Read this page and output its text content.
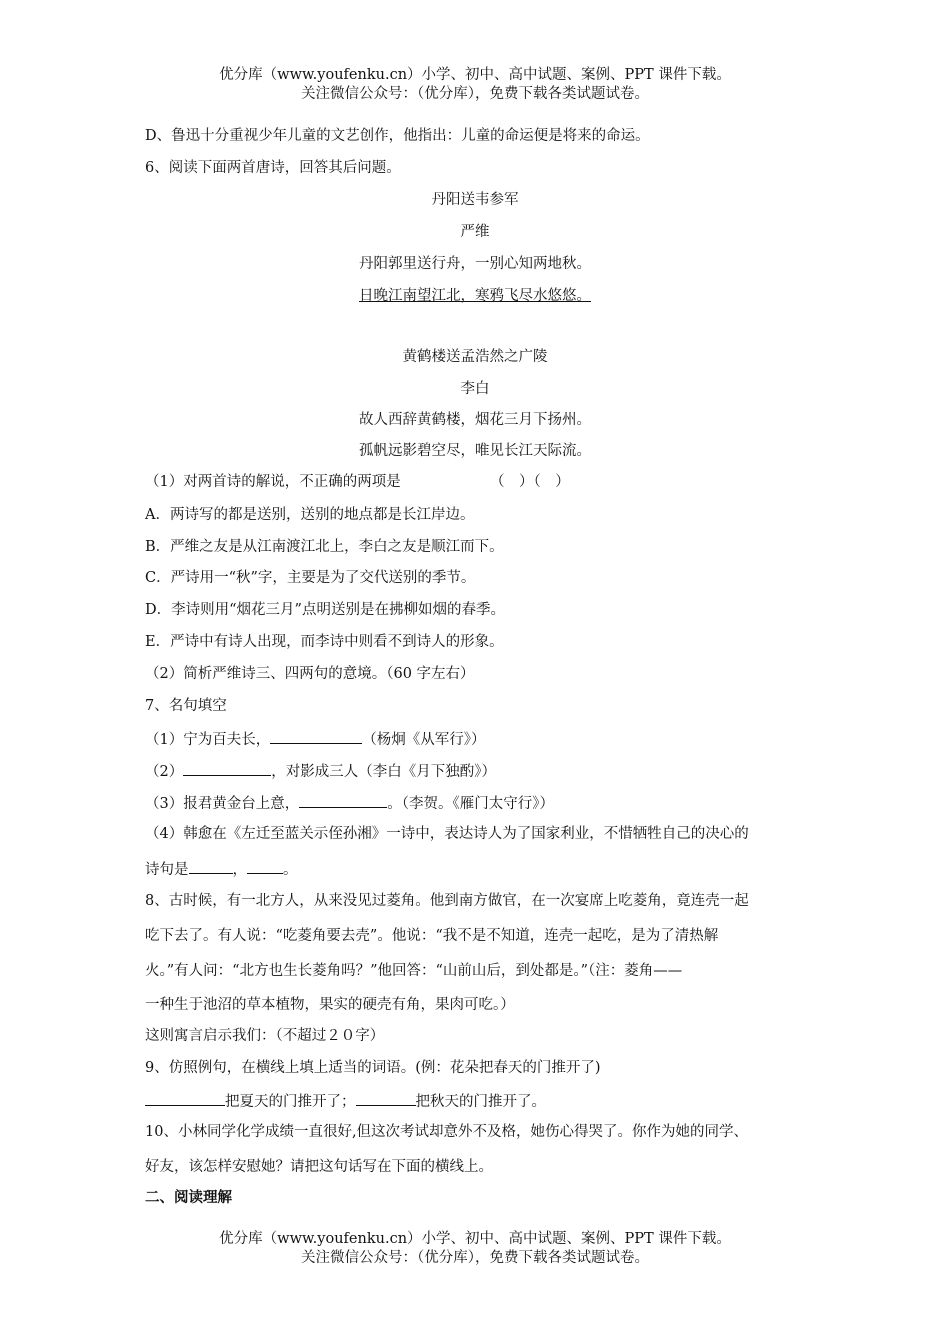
优分库（www.youfenku.cn）小学、初中、高中试题、案例、PPT 课件下载。
关注微信公众号：（优分库），免费下载各类试题试卷。
D、鲁迅十分重视少年儿童的文艺创作，他指出：儿童的命运便是将来的命运。
6、阅读下面两首唐诗，回答其后问题。
丹阳送韦参军
严维
丹阳郭里送行舟，一别心知两地秋。
日晚江南望江北，寒鸦飞尽水悠悠。
黄鹤楼送孟浩然之广陵
李白
故人西辞黄鹤楼，烟花三月下扬州。
孤帆远影碧空尽，唯见长江天际流。
（1）对两首诗的解说，不正确的两项是	（　）（　）
A．两诗写的都是送别，送别的地点都是长江岸边。
B．严维之友是从江南渡江北上，李白之友是顺江而下。
C．严诗用一“秋”字，主要是为了交代送别的季节。
D．李诗则用“烟花三月”点明送别是在拂柳如烟的春季。
E．严诗中有诗人出现，而李诗中则看不到诗人的形象。
（2）简析严维诗三、四两句的意境。（60 字左右）
7、名句填空
（1）宁为百夫长，	（杨炯《从军行》）
（2）	，对影成三人（李白《月下独酌》）
（3）报君黄金台上意，	。（李贺。《雁门太守行》）
（4）韩愈在《左迁至蓝关示侄孙湘》一诗中，表达诗人为了国家利业，不惜牺牲自己的决心的
诗句是	， 。
8、古时候，有一北方人，从来没见过菱角。他到南方做官，在一次宴席上吃菱角，竟连壳一起
吃下去了。有人说：“吃菱角要去壳”。他说：“我不是不知道，连壳一起吃，是为了清热解
火。”有人问：“北方也生长菱角吗？”他回答：“山前山后，到处都是。”（注：菱角——
一种生于池沼的草本植物，果实的硬壳有角，果肉可吃。）
这则寓言启示我们：（不超过２０字）
9、仿照例句，在横线上填上适当的词语。(例：花朵把春天的门推开了)
把夏天的门推开了；	把秋天的门推开了。
10、小林同学化学成绩一直很好,但这次考试却意外不及格，她伤心得哭了。你作为她的同学、
好友，该怎样安慰她？请把这句话写在下面的横线上。
二、阅读理解
优分库（www.youfenku.cn）小学、初中、高中试题、案例、PPT 课件下载。
关注微信公众号：（优分库），免费下载各类试题试卷。
